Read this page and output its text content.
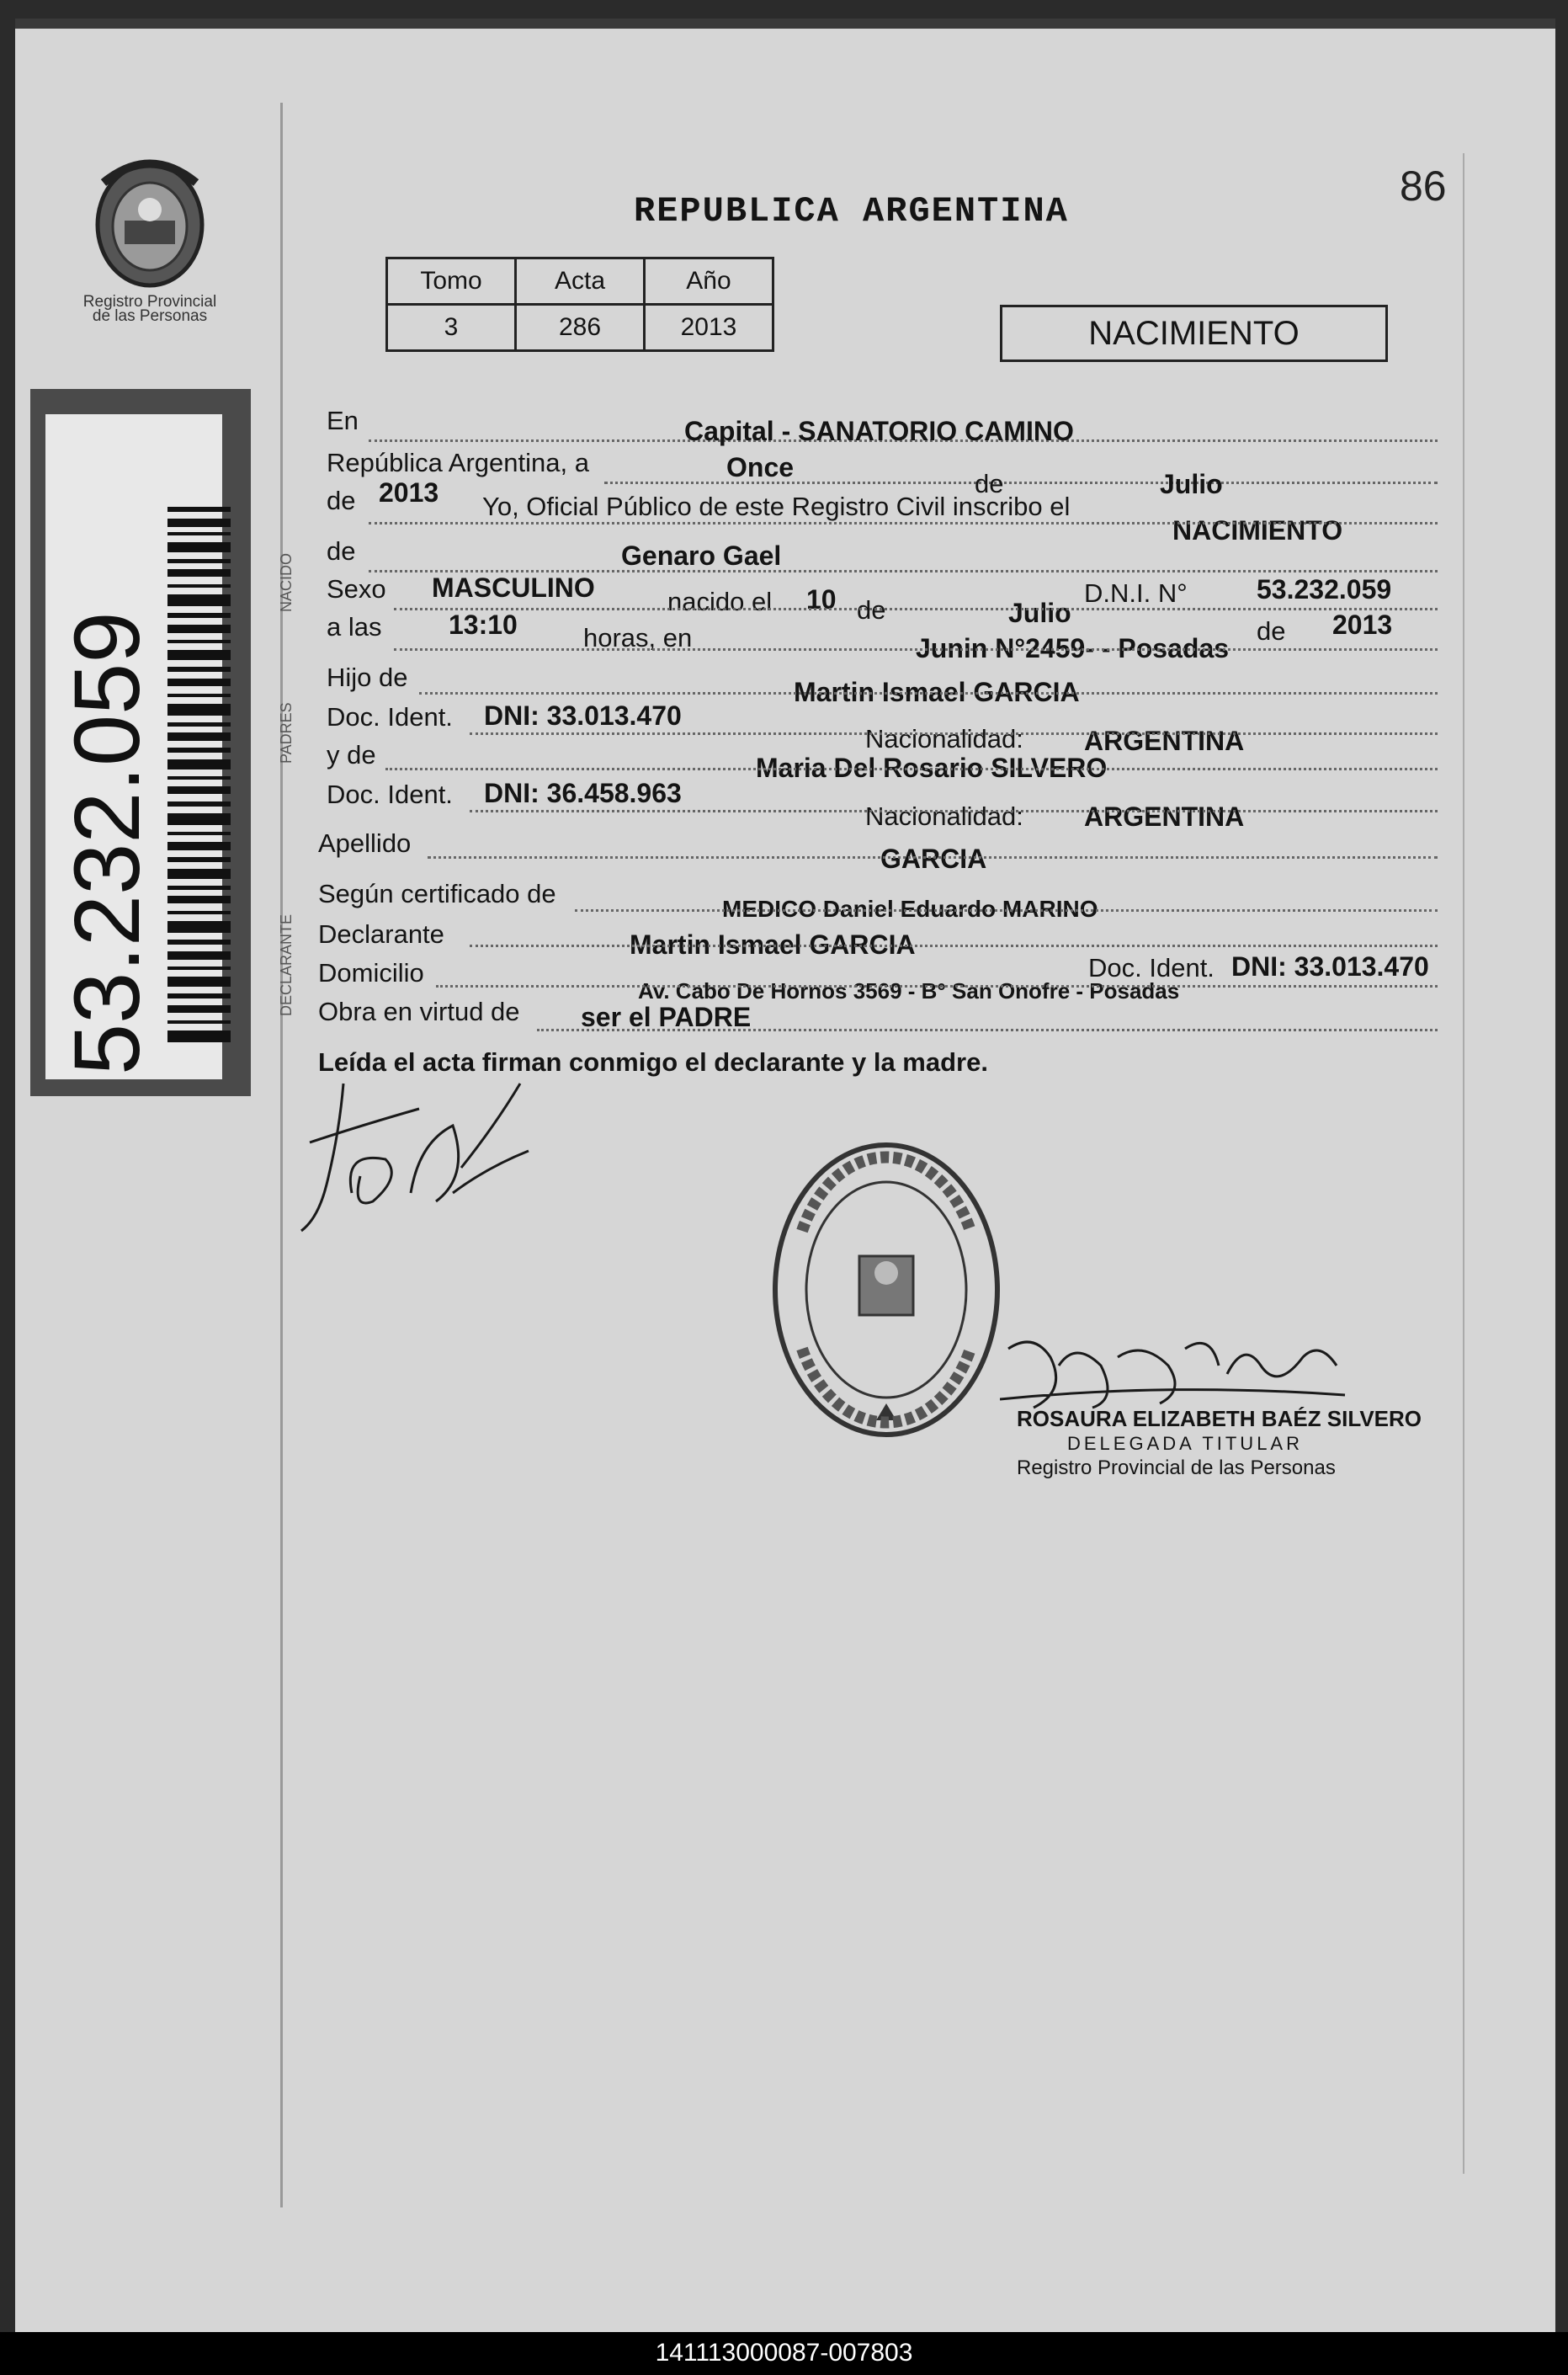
86
Registro Provincial
de las Personas
53.232.059
REPUBLICA ARGENTINA
Tomo	Acta	Año
3	286	2013	NACIMIENTO
NACIDO
PADRES
DECLARANTE
En	Capital - SANATORIO CAMINO
República Argentina, a	Once
de	Julio
de 2013 Yo, Oficial Público de este Registro Civil inscribo el
NACIMIENTO
de	Genaro Gael
Sexo MASCULINO	nacido el 10 de
D.N.I. N°	53.232.059
Julio
a las 13:10	horas, en	Junin N°2459- - Posadas
de 2013
Hijo de	Martin Ismael GARCIA
Doc. Ident. DNI: 33.013.470
Nacionalidad: ARGENTINA
y de	Maria Del Rosario SILVERO
Doc. Ident. DNI: 36.458.963
Nacionalidad: ARGENTINA
Apellido
GARCIA
Según certificado de
MEDICO Daniel Eduardo MARINO
Declarante	Martin Ismael GARCIA
Domicilio
Av. Cabo De Hornos 3569 - B° San Onofre - Posadas
Doc. Ident. DNI: 33.013.470
Obra en virtud de ser el PADRE
Leída el acta firman conmigo el declarante y la madre.
ROSAURA ELIZABETH BAÉZ SILVERO
DELEGADA TITULAR
Registro Provincial de las Personas
141113000087-007803
